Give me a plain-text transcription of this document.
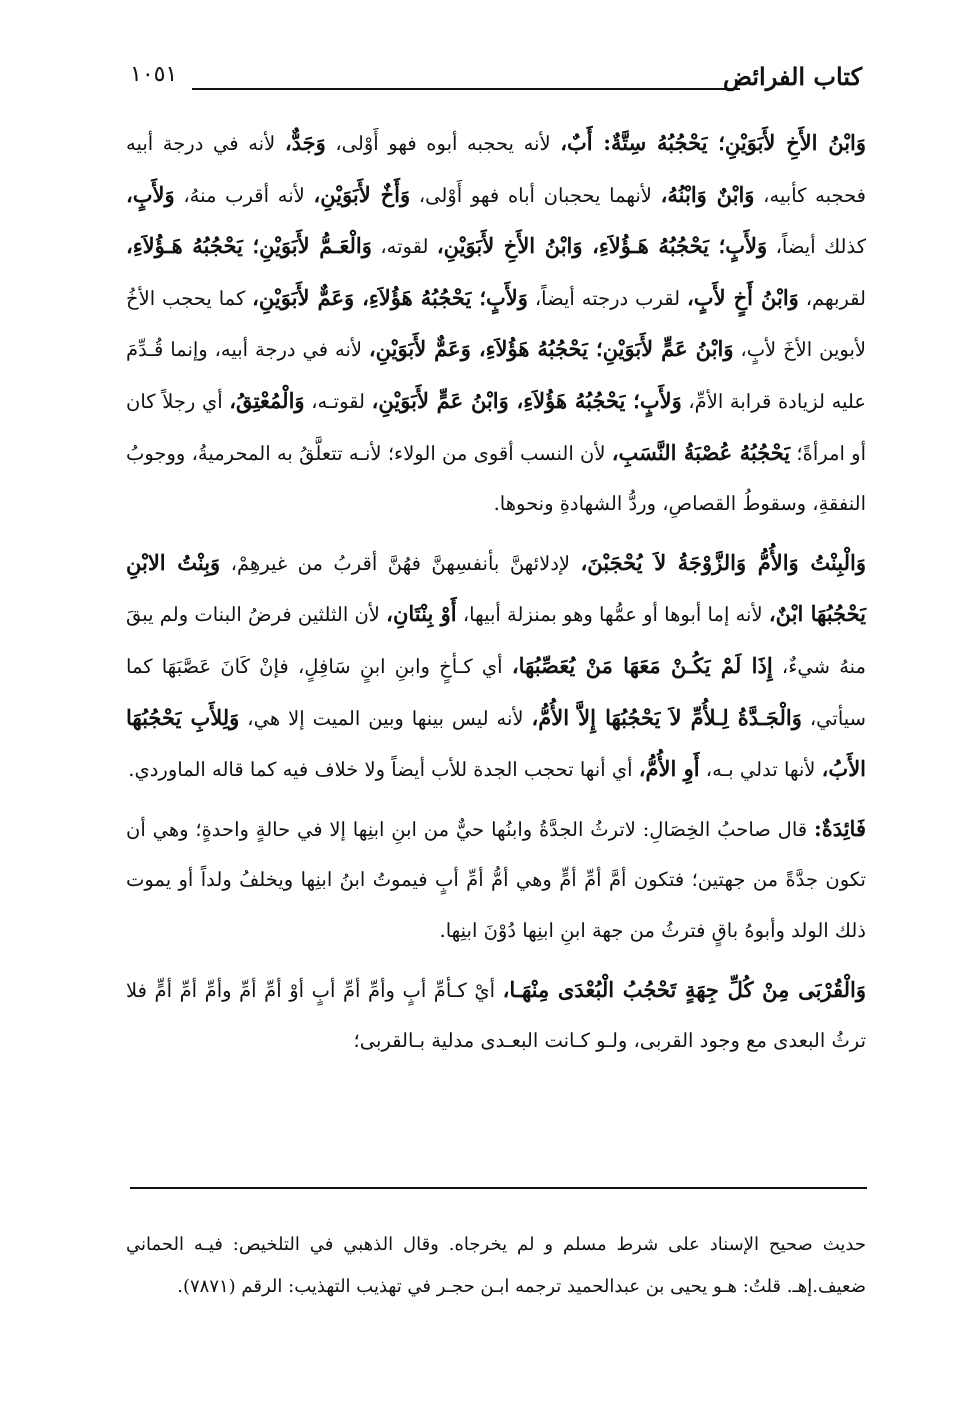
كتاب الفرائض
١٠٥١

وَابْنُ الأَخِ لأَبَوَيْنِ؛ يَحْجُبُهُ سِتَّةٌ: أَبٌ، لأنه يحجبه أبوه فهو أَوْلى، وَجَدٌّ، لأنه في درجة أبيه فحجبه كأبيه، وَابْنٌ وَابْنُهُ، لأنهما يحجبان أباه فهو أَوْلى، وَأَخٌ لأَبَوَيْنِ، لأنه أقرب منهُ، وَلأَبٍ، كذلك أيضاً، وَلأَبٍ؛ يَحْجُبُهُ هَـؤُلاَءِ، وَابْنُ الأَخِ لأَبَوَيْنِ، لقوته، وَالْعَـمُّ لأَبَوَيْنِ؛ يَحْجُبُهُ هَـؤُلاَءِ، لقربهم، وَابْنُ أَخٍ لأَبٍ، لقرب درجته أيضاً، وَلأَبٍ؛ يَحْجُبُهُ هَؤُلاَءِ، وَعَمٌّ لأَبَوَيْنِ، كما يحجب الأخُ لأبوين الأخَ لأبٍ، وَابْنُ عَمٍّ لأَبَوَيْنِ؛ يَحْجُبُهُ هَؤُلاَءِ، وَعَمٌّ لأَبَوَيْنِ، لأنه في درجة أبيه، وإنما قُـدِّمَ عليه لزيادة قرابة الأمِّ، وَلأَبٍ؛ يَحْجُبُهُ هَؤُلاَءِ، وَابْنُ عَمٍّ لأَبَوَيْنِ، لقوتـه، وَالْمُعْتِقُ، أي رجلاً كان أو امرأةً؛ يَحْجُبُهُ عُصْبَةُ النَّسَبِ، لأن النسب أقوى من الولاء؛ لأنـه تتعلَّقُ به المحرميةُ، ووجوبُ النفقةِ، وسقوطُ القصاصِ، وردُّ الشهادةِ ونحوها.

وَالْبِنْتُ وَالأُمُّ وَالزَّوْجَةُ لاَ يُحْجَبْنَ، لإدلائهنَّ بأنفسِهنَّ فهُنَّ أقربُ من غيرهِمْ، وَبِنْتُ الابْنِ يَحْجُبُهَا ابْنٌ، لأنه إما أبوها أو عمُّها وهو بمنزلة أبيها، أَوْ بِنْتَانِ، لأن الثلثين فرضُ البنات ولم يبقَ منهُ شيءٌ، إِذَا لَمْ يَكُـنْ مَعَهَا مَنْ يُعَصِّبُهَا، أي كـأخٍ وابنِ ابنٍ سَافِلٍ، فإنْ كَانَ عَصَّبَهَا كما سيأتي، وَالْجَـدَّةُ لِـلأُمِّ لاَ يَحْجُبُهَا إِلاَّ الأُمُّ، لأنه ليس بينها وبين الميت إلا هي، وَلِلأَبِ يَحْجُبُهَا الأَبُ، لأنها تدلي بـه، أَوِ الأُمُّ، أي أنها تحجب الجدة للأب أيضاً ولا خلاف فيه كما قاله الماوردي.

فَائِدَةٌ: قال صاحبُ الخِصَالِ: لاترثُ الجدَّةُ وابنُها حيٌّ من ابنِ ابنِها إلا في حالةٍ واحدةٍ؛ وهي أن تكون جدَّةً من جهتين؛ فتكون أمَّ أمِّ أمٍّ وهي أمُّ أمِّ أبٍ فيموتُ ابنُ ابنِها ويخلفُ ولداً أو يموت ذلك الولد وأبوهُ باقٍ فترثُ من جهة ابنِ ابنِها دُوْنَ ابنِها.

وَالْقُرْبَى مِنْ كُلِّ جِهَةٍ تَحْجُبُ الْبُعْدَى مِنْهَـا، أيْ كـأمِّ أبٍ وأمِّ أمِّ أبٍ أوْ أمِّ أمِّ وأمِّ أمِّ أمٍّ فلا ترثُ البعدى مع وجود القربى، ولـو كـانت البعـدى مدلية بـالقربى؛

حديث صحيح الإسناد على شرط مسلم و لم يخرجاه. وقال الذهبي في التلخيص: فيـه الحماني ضعيف.إهـ. قلتُ: هـو يحيى بن عبدالحميد ترجمه ابـن حجـر في تهذيب التهذيب: الرقم (٧٨٧١).
